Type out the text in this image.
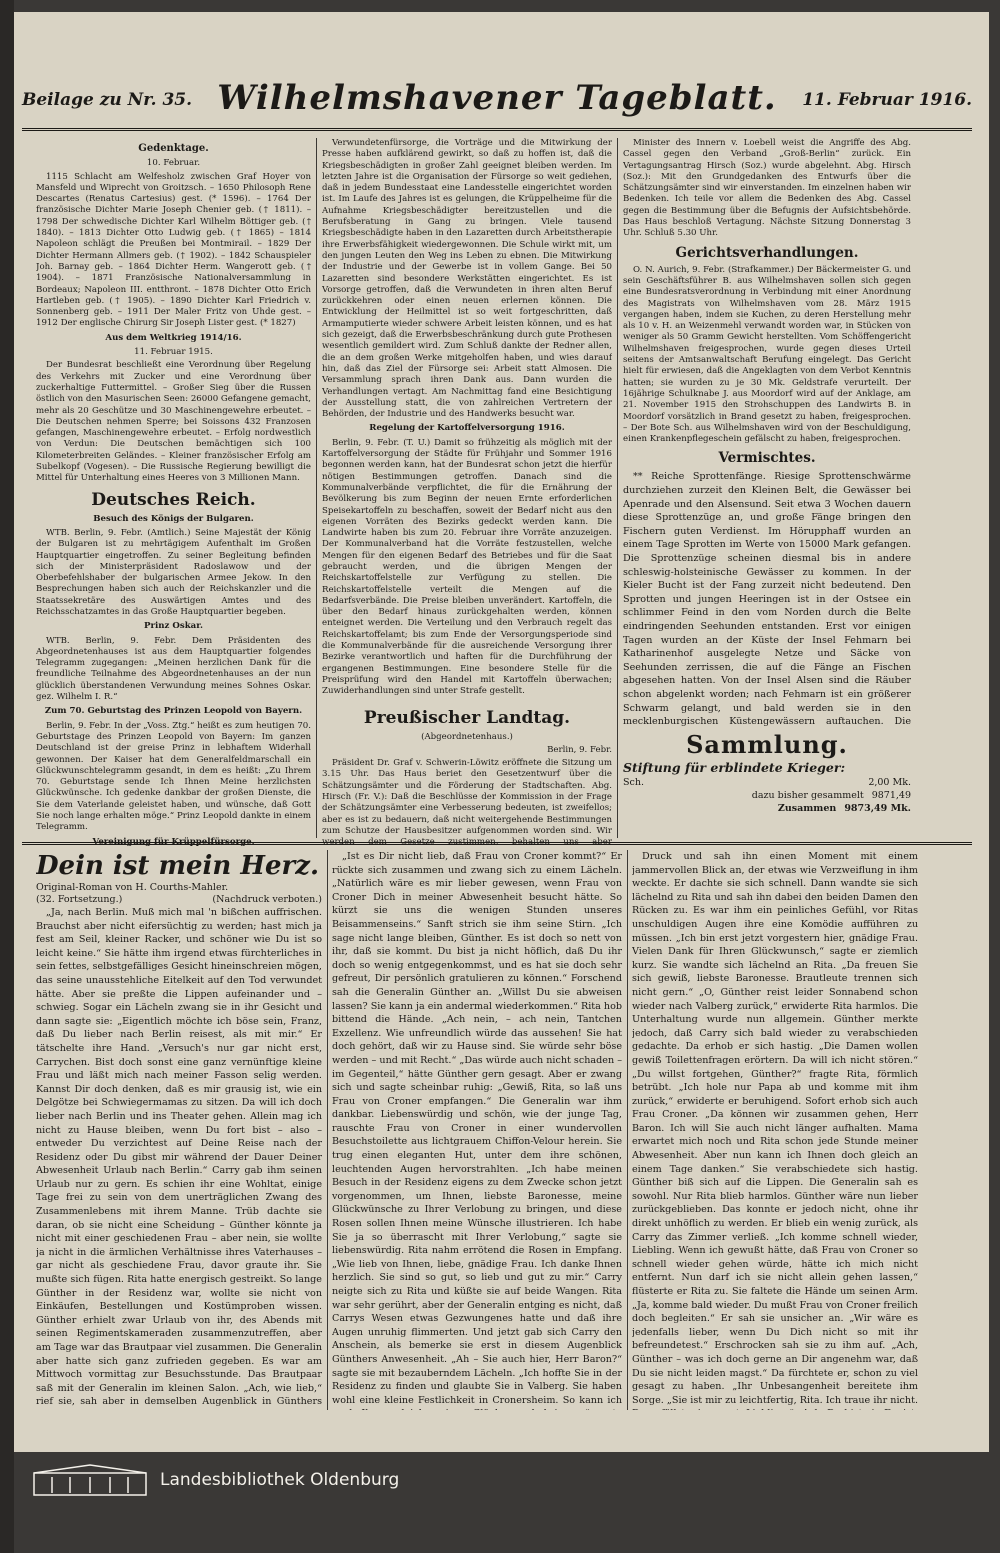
Beilage zu Nr. 35. Wilhelmshavener Tageblatt.	11. Februar 1916.
Gedenktage.

10. Februar.

1115 Schlacht am Welfesholz zwischen Graf Hoyer von Mansfeld und Wiprecht von Groitzsch. – 1650 Philosoph Rene Descartes (Renatus Cartesius) gest. (* 1596). – 1764 Der französische Dichter Marie Joseph Chenier geb. († 1811). – 1798 Der schwedische Dichter Karl Wilhelm Böttiger geb. († 1840). – 1813 Dichter Otto Ludwig geb. († 1865) – 1814 Napoleon schlägt die Preußen bei Montmirail. – 1829 Der Dichter Hermann Allmers geb. († 1902). – 1842 Schauspieler Joh. Barnay geb. – 1864 Dichter Herm. Wangerott geb. († 1904). – 1871 Französische Nationalversammlung in Bordeaux; Napoleon III. entthront. – 1878 Dichter Otto Erich Hartleben geb. († 1905). – 1890 Dichter Karl Friedrich v. Sonnenberg geb. – 1911 Der Maler Fritz von Uhde gest. – 1912 Der englische Chirurg Sir Joseph Lister gest. (* 1827)

Aus dem Weltkrieg 1914/16.

11. Februar 1915.

Der Bundesrat beschließt eine Verordnung über Regelung des Verkehrs mit Zucker und eine Verordnung über zuckerhaltige Futtermittel. – Großer Sieg über die Russen östlich von den Masurischen Seen: 26000 Gefangene gemacht, mehr als 20 Geschütze und 30 Maschinengewehre erbeutet. – Die Deutschen nehmen Sperre; bei Soissons 432 Franzosen gefangen, Maschinengewehre erbeutet. – Erfolg nordwestlich von Verdun: Die Deutschen bemächtigen sich 100 Kilometerbreiten Geländes. – Kleiner französischer Erfolg am Subelkopf (Vogesen). – Die Russische Regierung bewilligt die Mittel für Unterhaltung eines Heeres von 3 Millionen Mann.

Deutsches Reich.
Besuch des Königs der Bulgaren.

WTB. Berlin, 9. Febr. (Amtlich.) Seine Majestät der König der Bulgaren ist zu mehrtägigem Aufenthalt im Großen Hauptquartier eingetroffen. Zu seiner Begleitung befinden sich der Ministerpräsident Radoslawow und der Oberbefehlshaber der bulgarischen Armee Jekow. In den Besprechungen haben sich auch der Reichskanzler und die Staatssekretäre des Auswärtigen Amtes und des Reichsschatzamtes in das Große Hauptquartier begeben.

Prinz Oskar.

WTB. Berlin, 9. Febr. Dem Präsidenten des Abgeordnetenhauses ist aus dem Hauptquartier folgendes Telegramm zugegangen: „Meinen herzlichen Dank für die freundliche Teilnahme des Abgeordnetenhauses an der nun glücklich überstandenen Verwundung meines Sohnes Oskar. gez. Wilhelm I. R.“

Zum 70. Geburtstag des Prinzen Leopold von Bayern.

Berlin, 9. Febr. In der „Voss. Ztg.“ heißt es zum heutigen 70. Geburtstage des Prinzen Leopold von Bayern: Im ganzen Deutschland ist der greise Prinz in lebhaftem Widerhall gewonnen. Der Kaiser hat dem Generalfeldmarschall ein Glückwunschtelegramm gesandt, in dem es heißt: „Zu Ihrem 70. Geburtstage sende Ich Ihnen Meine herzlichsten Glückwünsche. Ich gedenke dankbar der großen Dienste, die Sie dem Vaterlande geleistet haben, und wünsche, daß Gott Sie noch lange erhalten möge.“ Prinz Leopold dankte in einem Telegramm.

Vereinigung für Krüppelfürsorge.

Verwundetenfürsorge, die Vorträge und die Mitwirkung der Presse haben aufklärend gewirkt, so daß zu hoffen ist, daß die Kriegsbeschädigten in großer Zahl geeignet bleiben werden. Im letzten Jahre ist die Organisation der Fürsorge so weit gediehen, daß in jedem Bundesstaat eine Landesstelle eingerichtet worden ist. Im Laufe des Jahres ist es gelungen, die Krüppelheime für die Aufnahme Kriegsbeschädigter bereitzustellen und die Berufsberatung in Gang zu bringen. Viele tausend Kriegsbeschädigte haben in den Lazaretten durch Arbeitstherapie ihre Erwerbsfähigkeit wiedergewonnen. Die Schule wirkt mit, um den jungen Leuten den Weg ins Leben zu ebnen. Die Mitwirkung der Industrie und der Gewerbe ist in vollem Gange. Bei 50 Lazaretten sind besondere Werkstätten eingerichtet. Es ist Vorsorge getroffen, daß die Verwundeten in ihren alten Beruf zurückkehren oder einen neuen erlernen können. Die Entwicklung der Heilmittel ist so weit fortgeschritten, daß Armamputierte wieder schwere Arbeit leisten können, und es hat sich gezeigt, daß die Erwerbsbeschränkung durch gute Prothesen wesentlich gemildert wird. Zum Schluß dankte der Redner allen, die an dem großen Werke mitgeholfen haben, und wies darauf hin, daß das Ziel der Fürsorge sei: Arbeit statt Almosen. Die Versammlung sprach ihren Dank aus. Dann wurden die Verhandlungen vertagt. Am Nachmittag fand eine Besichtigung der Ausstellung statt, die von zahlreichen Vertretern der Behörden, der Industrie und des Handwerks besucht war.

Regelung der Kartoffelversorgung 1916.

Berlin, 9. Febr. (T. U.) Damit so frühzeitig als möglich mit der Kartoffelversorgung der Städte für Frühjahr und Sommer 1916 begonnen werden kann, hat der Bundesrat schon jetzt die hierfür nötigen Bestimmungen getroffen. Danach sind die Kommunalverbände verpflichtet, die für die Ernährung der Bevölkerung bis zum Beginn der neuen Ernte erforderlichen Speisekartoffeln zu beschaffen, soweit der Bedarf nicht aus den eigenen Vorräten des Bezirks gedeckt werden kann. Die Landwirte haben bis zum 20. Februar ihre Vorräte anzuzeigen. Der Kommunalverband hat die Vorräte festzustellen, welche Mengen für den eigenen Bedarf des Betriebes und für die Saat gebraucht werden, und die übrigen Mengen der Reichskartoffelstelle zur Verfügung zu stellen. Die Reichskartoffelstelle verteilt die Mengen auf die Bedarfsverbände. Die Preise bleiben unverändert. Kartoffeln, die über den Bedarf hinaus zurückgehalten werden, können enteignet werden. Die Verteilung und den Verbrauch regelt das Reichskartoffelamt; bis zum Ende der Versorgungsperiode sind die Kommunalverbände für die ausreichende Versorgung ihrer Bezirke verantwortlich und haften für die Durchführung der ergangenen Bestimmungen. Eine besondere Stelle für die Preisprüfung wird den Handel mit Kartoffeln überwachen; Zuwiderhandlungen sind unter Strafe gestellt.

Preußischer Landtag.

(Abgeordnetenhaus.)

Berlin, 9. Febr.

Präsident Dr. Graf v. Schwerin-Löwitz eröffnete die Sitzung um 3.15 Uhr. Das Haus beriet den Gesetzentwurf über die Schätzungsämter und die Förderung der Stadtschaften. Abg. Hirsch (Fr. V.): Daß die Beschlüsse der Kommission in der Frage der Schätzungsämter eine Verbesserung bedeuten, ist zweifellos; aber es ist zu bedauern, daß nicht weitergehende Bestimmungen zum Schutze der Hausbesitzer aufgenommen worden sind. Wir werden dem Gesetze zustimmen, behalten uns aber

Minister des Innern v. Loebell weist die Angriffe des Abg. Cassel gegen den Verband „Groß-Berlin“ zurück. Ein Vertagungsantrag Hirsch (Soz.) wurde abgelehnt. Abg. Hirsch (Soz.): Mit den Grundgedanken des Entwurfs über die Schätzungsämter sind wir einverstanden. Im einzelnen haben wir Bedenken. Ich teile vor allem die Bedenken des Abg. Cassel gegen die Bestimmung über die Befugnis der Aufsichtsbehörde. Das Haus beschloß Vertagung. Nächste Sitzung Donnerstag 3 Uhr. Schluß 5.30 Uhr.

Gerichtsverhandlungen.

O. N. Aurich, 9. Febr. (Strafkammer.) Der Bäckermeister G. und sein Geschäftsführer B. aus Wilhelmshaven sollen sich gegen eine Bundesratsverordnung in Verbindung mit einer Anordnung des Magistrats von Wilhelmshaven vom 28. März 1915 vergangen haben, indem sie Kuchen, zu deren Herstellung mehr als 10 v. H. an Weizenmehl verwandt worden war, in Stücken von weniger als 50 Gramm Gewicht herstellten. Vom Schöffengericht Wilhelmshaven freigesprochen, wurde gegen dieses Urteil seitens der Amtsanwaltschaft Berufung eingelegt. Das Gericht hielt für erwiesen, daß die Angeklagten von dem Verbot Kenntnis hatten; sie wurden zu je 30 Mk. Geldstrafe verurteilt. Der 16jährige Schulknabe J. aus Moordorf wird auf der Anklage, am 21. November 1915 den Strohschuppen des Landwirts B. in Moordorf vorsätzlich in Brand gesetzt zu haben, freigesprochen. – Der Bote Sch. aus Wilhelmshaven wird von der Beschuldigung, einen Krankenpflegeschein gefälscht zu haben, freigesprochen.

Vermischtes.

** Reiche Sprottenfänge. Riesige Sprottenschwärme durchziehen zurzeit den Kleinen Belt, die Gewässer bei Apenrade und den Alsensund. Seit etwa 3 Wochen dauern diese Sprottenzüge an, und große Fänge bringen den Fischern guten Verdienst. Im Hörupphaff wurden an einem Tage Sprotten im Werte von 15000 Mark gefangen. Die Sprottenzüge scheinen diesmal bis in andere schleswig-holsteinische Gewässer zu kommen. In der Kieler Bucht ist der Fang zurzeit nicht bedeutend. Den Sprotten und jungen Heeringen ist in der Ostsee ein schlimmer Feind in den vom Norden durch die Belte eindringenden Seehunden entstanden. Erst vor einigen Tagen wurden an der Küste der Insel Fehmarn bei Katharinenhof ausgelegte Netze und Säcke von Seehunden zerrissen, die auf die Fänge an Fischen abgesehen hatten. Von der Insel Alsen sind die Räuber schon abgelenkt worden; nach Fehmarn ist ein größerer Schwarm gelangt, und bald werden sie in den mecklenburgischen Küstengewässern auftauchen. Die

Sammlung.
Stiftung für erblindete Krieger:
Sch.	2,00 Mk.
dazu bisher gesammelt 9871,49
Zusammen 9873,49 Mk.
Dein ist mein Herz.
Original-Roman von H. Courths-Mahler.
(32. Fortsetzung.)	(Nachdruck verboten.)

„Ja, nach Berlin. Muß mich mal 'n bißchen auffrischen. Brauchst aber nicht eifersüchtig zu werden; hast mich ja fest am Seil, kleiner Racker, und schöner wie Du ist so leicht keine.“ Sie hätte ihm irgend etwas fürchterliches in sein fettes, selbstgefälliges Gesicht hineinschreien mögen, das seine unausstehliche Eitelkeit auf den Tod verwundet hätte. Aber sie preßte die Lippen aufeinander und – schwieg. Sogar ein Lächeln zwang sie in ihr Gesicht und dann sagte sie: „Eigentlich möchte ich böse sein, Franz, daß Du lieber nach Berlin reisest, als mit mir.“ Er tätschelte ihre Hand. „Versuch's nur gar nicht erst, Carrychen. Bist doch sonst eine ganz vernünftige kleine Frau und läßt mich nach meiner Fasson selig werden. Kannst Dir doch denken, daß es mir grausig ist, wie ein Delgötze bei Schwiegermamas zu sitzen. Da will ich doch lieber nach Berlin und ins Theater gehen. Allein mag ich nicht zu Hause bleiben, wenn Du fort bist – also – entweder Du verzichtest auf Deine Reise nach der Residenz oder Du gibst mir während der Dauer Deiner Abwesenheit Urlaub nach Berlin.“ Carry gab ihm seinen Urlaub nur zu gern. Es schien ihr eine Wohltat, einige Tage frei zu sein von dem unerträglichen Zwang des Zusammenlebens mit ihrem Manne. Trüb dachte sie daran, ob sie nicht eine Scheidung – Günther könnte ja nicht mit einer geschiedenen Frau – aber nein, sie wollte ja nicht in die ärmlichen Verhältnisse ihres Vaterhauses – gar nicht als geschiedene Frau, davor graute ihr. Sie mußte sich fügen. Rita hatte energisch gestreikt. So lange Günther in der Residenz war, wollte sie nicht von Einkäufen, Bestellungen und Kostümproben wissen. Günther erhielt zwar Urlaub von ihr, des Abends mit seinen Regimentskameraden zusammenzutreffen, aber am Tage war das Brautpaar viel zusammen. Die Generalin aber hatte sich ganz zufrieden gegeben. Es war am Mittwoch vormittag zur Besuchsstunde. Das Brautpaar saß mit der Generalin im kleinen Salon. „Ach, wie lieb,“ rief sie, sah aber in demselben Augenblick in Günthers

„Ist es Dir nicht lieb, daß Frau von Croner kommt?“ Er rückte sich zusammen und zwang sich zu einem Lächeln. „Natürlich wäre es mir lieber gewesen, wenn Frau von Croner Dich in meiner Abwesenheit besucht hätte. So kürzt sie uns die wenigen Stunden unseres Beisammenseins.“ Sanft strich sie ihm seine Stirn. „Ich sage nicht lange bleiben, Günther. Es ist doch so nett von ihr, daß sie kommt. Du bist ja nicht höflich, daß Du ihr doch so wenig entgegenkommst, und es hat sie doch sehr gefreut, Dir persönlich gratulieren zu können.“ Forschend sah die Generalin Günther an. „Willst Du sie abweisen lassen? Sie kann ja ein andermal wiederkommen.“ Rita hob bittend die Hände. „Ach nein, – ach nein, Tantchen Exzellenz. Wie unfreundlich würde das aussehen! Sie hat doch gehört, daß wir zu Hause sind. Sie würde sehr böse werden – und mit Recht.“ „Das würde auch nicht schaden – im Gegenteil,“ hätte Günther gern gesagt. Aber er zwang sich und sagte scheinbar ruhig: „Gewiß, Rita, so laß uns Frau von Croner empfangen.“ Die Generalin war ihm dankbar. Liebenswürdig und schön, wie der junge Tag, rauschte Frau von Croner in einer wundervollen Besuchstoilette aus lichtgrauem Chiffon-Velour herein. Sie trug einen eleganten Hut, unter dem ihre schönen, leuchtenden Augen hervorstrahlten. „Ich habe meinen Besuch in der Residenz eigens zu dem Zwecke schon jetzt vorgenommen, um Ihnen, liebste Baronesse, meine Glückwünsche zu Ihrer Verlobung zu bringen, und diese Rosen sollen Ihnen meine Wünsche illustrieren. Ich habe Sie ja so überrascht mit Ihrer Verlobung,“ sagte sie liebenswürdig. Rita nahm errötend die Rosen in Empfang. „Wie lieb von Ihnen, liebe, gnädige Frau. Ich danke Ihnen herzlich. Sie sind so gut, so lieb und gut zu mir.“ Carry neigte sich zu Rita und küßte sie auf beide Wangen. Rita war sehr gerührt, aber der Generalin entging es nicht, daß Carrys Wesen etwas Gezwungenes hatte und daß ihre Augen unruhig flimmerten. Und jetzt gab sich Carry den Anschein, als bemerke sie erst in diesem Augenblick Günthers Anwesenheit. „Ah – Sie auch hier, Herr Baron?“ sagte sie mit bezauberndem Lächeln. „Ich hoffte Sie in der Residenz zu finden und glaubte Sie in Valberg. Sie haben wohl eine kleine Festlichkeit in Cronersheim. So kann ich

Druck und sah ihn einen Moment mit einem jammervollen Blick an, der etwas wie Verzweiflung in ihm weckte. Er dachte sie sich schnell. Dann wandte sie sich lächelnd zu Rita und sah ihn dabei den beiden Damen den Rücken zu. Es war ihm ein peinliches Gefühl, vor Ritas unschuldigen Augen ihre eine Komödie aufführen zu müssen. „Ich bin erst jetzt vorgestern hier, gnädige Frau. Vielen Dank für Ihren Glückwunsch,“ sagte er ziemlich kurz. Sie wandte sich lächelnd an Rita. „Da freuen Sie sich gewiß, liebste Baronesse. Brautleute trennen sich nicht gern.“ „O, Günther reist leider Sonnabend schon wieder nach Valberg zurück,“ erwiderte Rita harmlos. Die Unterhaltung wurde nun allgemein. Günther merkte jedoch, daß Carry sich bald wieder zu verabschieden gedachte. Da erhob er sich hastig. „Die Damen wollen gewiß Toilettenfragen erörtern. Da will ich nicht stören.“ „Du willst fortgehen, Günther?“ fragte Rita, förmlich betrübt. „Ich hole nur Papa ab und komme mit ihm zurück,“ erwiderte er beruhigend. Sofort erhob sich auch Frau Croner. „Da können wir zusammen gehen, Herr Baron. Ich will Sie auch nicht länger aufhalten. Mama erwartet mich noch und Rita schon jede Stunde meiner Abwesenheit. Aber nun kann ich Ihnen doch gleich an einem Tage danken.“ Sie verabschiedete sich hastig. Günther biß sich auf die Lippen. Die Generalin sah es sowohl. Nur Rita blieb harmlos. Günther wäre nun lieber zurückgeblieben. Das konnte er jedoch nicht, ohne ihr direkt unhöflich zu werden. Er blieb ein wenig zurück, als Carry das Zimmer verließ. „Ich komme schnell wieder, Liebling. Wenn ich gewußt hätte, daß Frau von Croner so schnell wieder gehen würde, hätte ich mich nicht entfernt. Nun darf ich sie nicht allein gehen lassen,“ flüsterte er Rita zu. Sie faltete die Hände um seinen Arm. „Ja, komme bald wieder. Du mußt Frau von Croner freilich doch begleiten.“ Er sah sie unsicher an. „Wir wäre es jedenfalls lieber, wenn Du Dich nicht so mit ihr befreundetest.“ Erschrocken sah sie zu ihm auf. „Ach, Günther – was ich doch gerne an Dir angenehm war, daß Du sie nicht leiden magst.“ Da fürchtete er, schon zu viel gesagt zu haben. „Ihr Unbesangenheit bereitete ihm Sorge. „Sie ist mir zu leichtfertig, Rita. Ich traue ihr nicht.

Landesbibliothek Oldenburg
